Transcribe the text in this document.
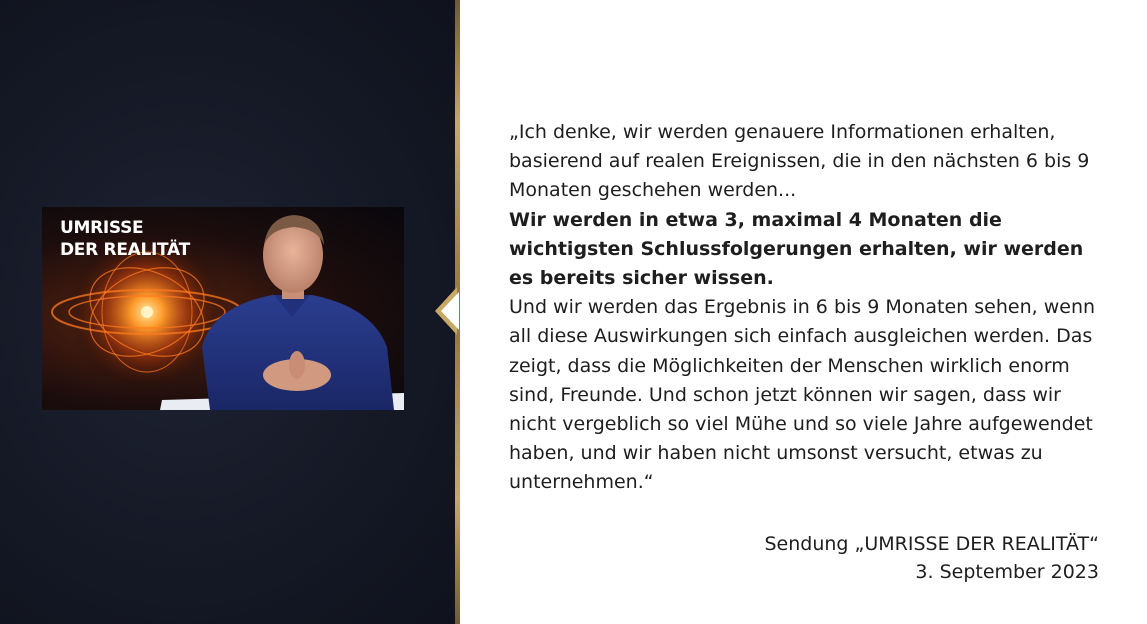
UMRISSE
DER REALITÄT
„Ich denke, wir werden genauere Informationen erhalten, basierend auf realen Ereignissen, die in den nächsten 6 bis 9 Monaten geschehen werden...
Wir werden in etwa 3, maximal 4 Monaten die wichtigsten Schlussfolgerungen erhalten, wir werden es bereits sicher wissen.
Und wir werden das Ergebnis in 6 bis 9 Monaten sehen, wenn all diese Auswirkungen sich einfach ausgleichen werden. Das zeigt, dass die Möglichkeiten der Menschen wirklich enorm sind, Freunde. Und schon jetzt können wir sagen, dass wir nicht vergeblich so viel Mühe und so viele Jahre aufgewendet haben, und wir haben nicht umsonst versucht, etwas zu unternehmen.“
Sendung „UMRISSE DER REALITÄT“
3. September 2023
